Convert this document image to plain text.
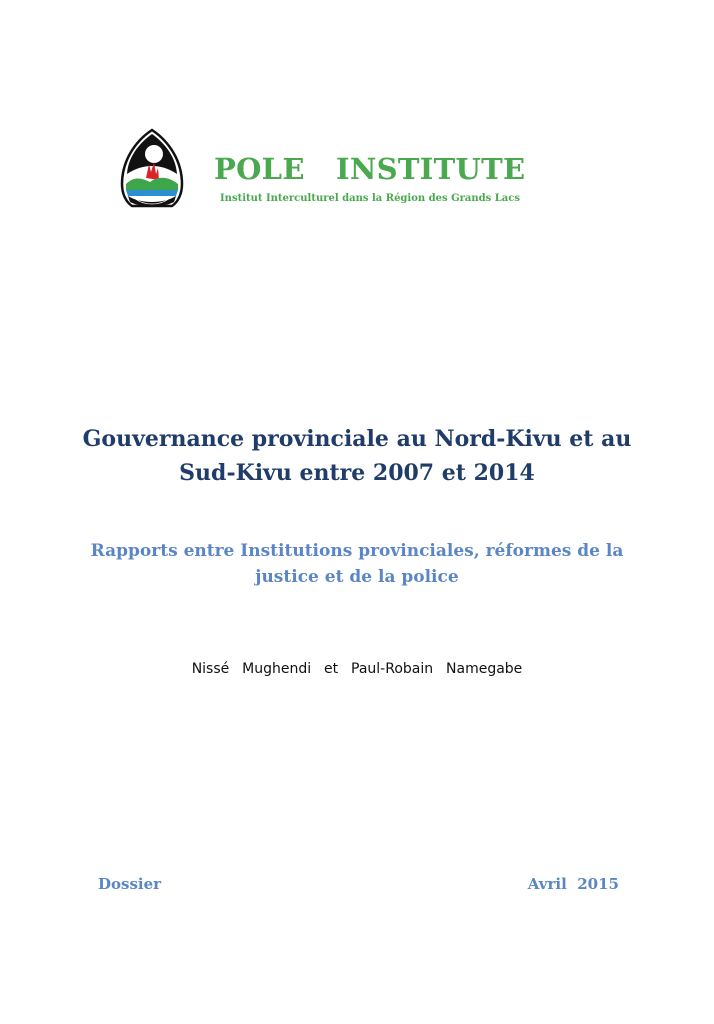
POLE   INSTITUTE
Institut Interculturel dans la Région des Grands Lacs
Gouvernance provinciale au Nord-Kivu et au
Sud-Kivu entre 2007 et 2014
Rapports entre Institutions provinciales, réformes de la
justice et de la police
Nissé  Mughendi  et  Paul-Robain  Namegabe
Dossier	Avril  2015
